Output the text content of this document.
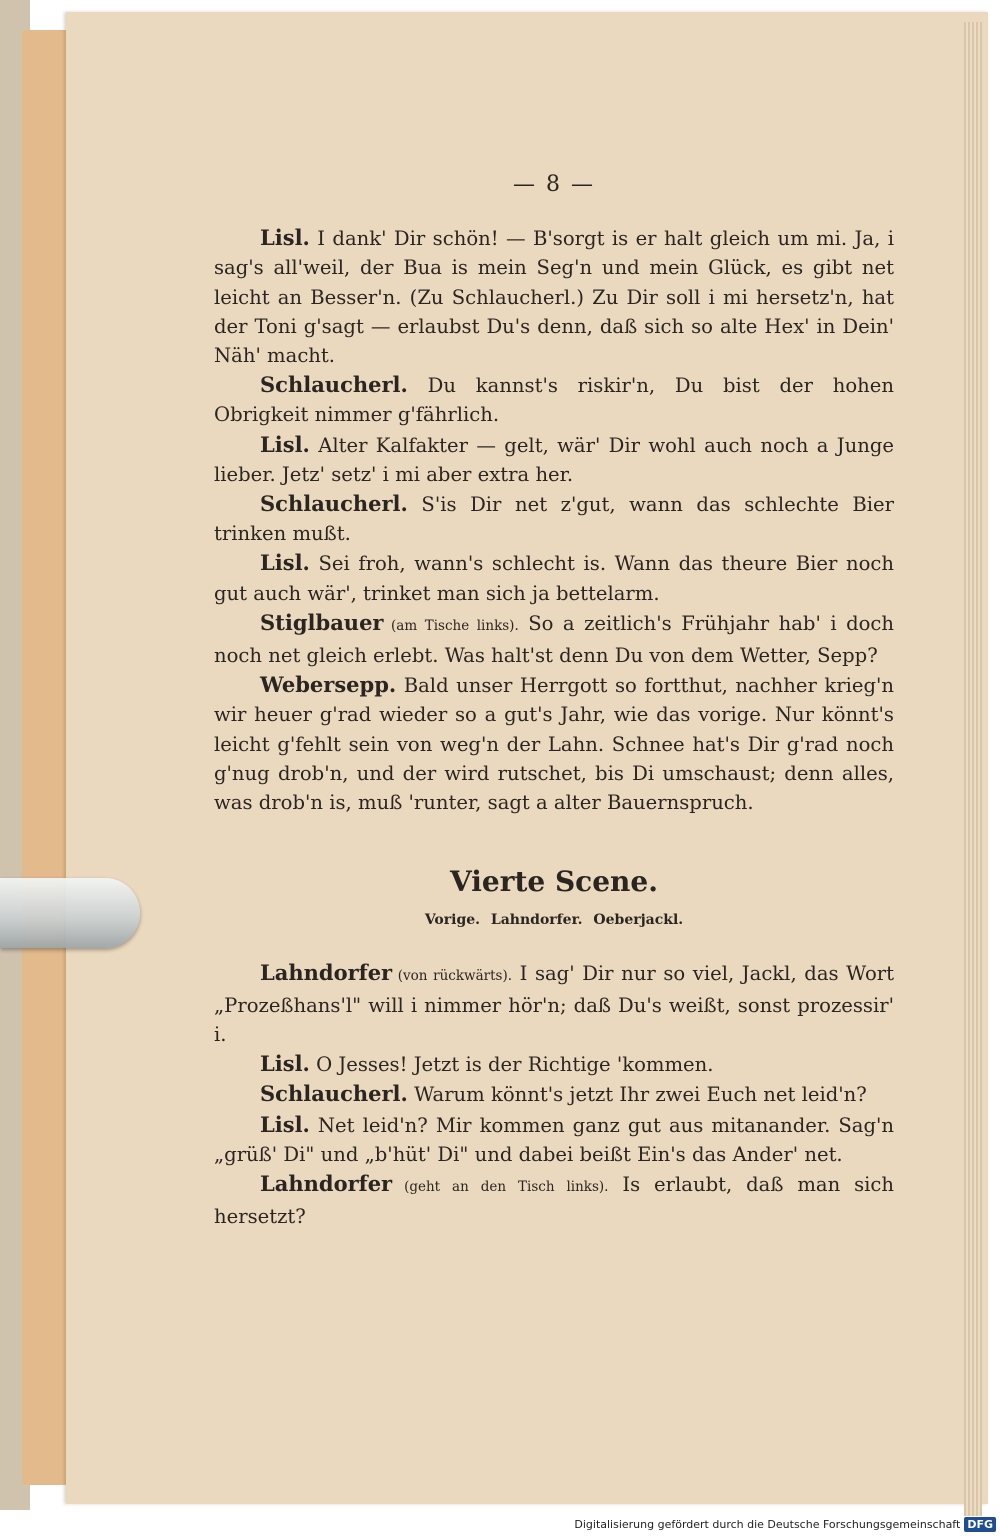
— 8 —

Lisl. I dank' Dir schön! — B'sorgt is er halt gleich um mi. Ja, i sag's all'weil, der Bua is mein Seg'n und mein Glück, es gibt net leicht an Besser'n. (Zu Schlaucherl.) Zu Dir soll i mi hersetz'n, hat der Toni g'sagt — erlaubst Du's denn, daß sich so alte Hex' in Dein' Näh' macht.

Schlaucherl. Du kannst's riskir'n, Du bist der hohen Obrigkeit nimmer g'fährlich.

Lisl. Alter Kalfakter — gelt, wär' Dir wohl auch noch a Junge lieber. Jetz' setz' i mi aber extra her.

Schlaucherl. S'is Dir net z'gut, wann das schlechte Bier trinken mußt.

Lisl. Sei froh, wann's schlecht is. Wann das theure Bier noch gut auch wär', trinket man sich ja bettelarm.

Stiglbauer (am Tische links). So a zeitlich's Frühjahr hab' i doch noch net gleich erlebt. Was halt'st denn Du von dem Wetter, Sepp?

Webersepp. Bald unser Herrgott so fortthut, nachher krieg'n wir heuer g'rad wieder so a gut's Jahr, wie das vorige. Nur könnt's leicht g'fehlt sein von weg'n der Lahn. Schnee hat's Dir g'rad noch g'nug drob'n, und der wird rutschet, bis Di umschaust; denn alles, was drob'n is, muß 'runter, sagt a alter Bauernspruch.

Vierte Scene.
Vorige. Lahndorfer. Oeberjackl.

Lahndorfer (von rückwärts). I sag' Dir nur so viel, Jackl, das Wort „Prozeßhans'l" will i nimmer hör'n; daß Du's weißt, sonst prozessir' i.

Lisl. O Jesses! Jetzt is der Richtige 'kommen.

Schlaucherl. Warum könnt's jetzt Ihr zwei Euch net leid'n?

Lisl. Net leid'n? Mir kommen ganz gut aus mitanander. Sag'n „grüß' Di" und „b'hüt' Di" und dabei beißt Ein's das Ander' net.

Lahndorfer (geht an den Tisch links). Is erlaubt, daß man sich hersetzt?

Digitalisierung gefördert durch die Deutsche Forschungsgemeinschaft DFG
